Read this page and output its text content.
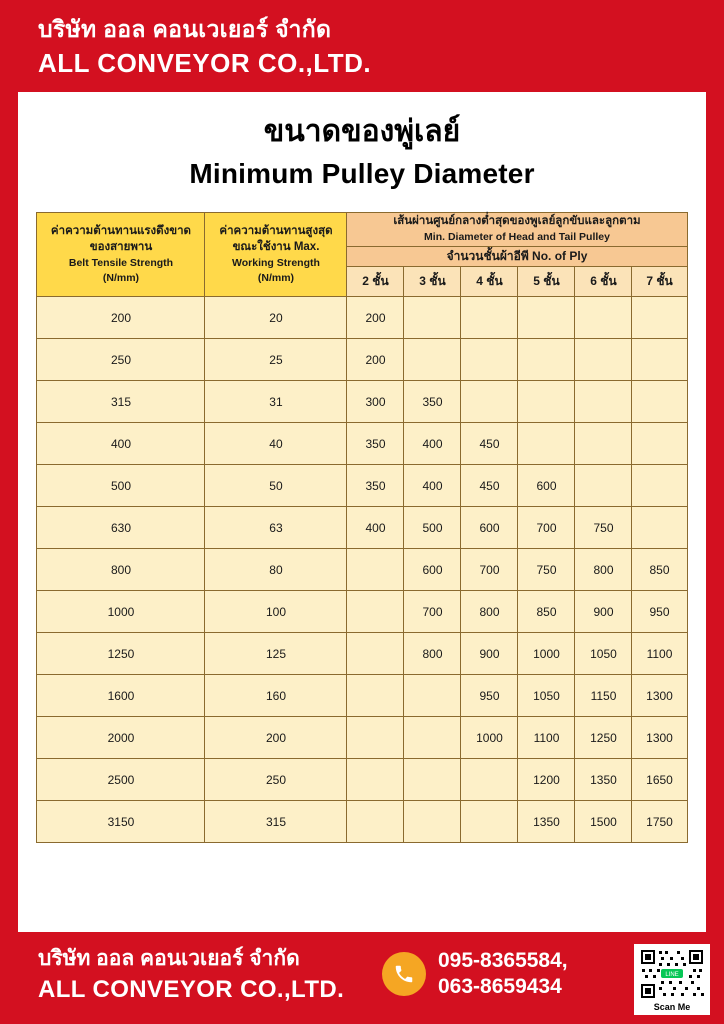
บริษัท ออล คอนเวเยอร์ จำกัด
ALL CONVEYOR CO.,LTD.
ขนาดของพู่เลย์
Minimum Pulley Diameter
ค่าความต้านทานแรงดึงขาด
ของสายพาน
Belt Tensile Strength
(N/mm)

ค่าความต้านทานสูงสุด
ขณะใช้งาน Max.
Working Strength
(N/mm)

เส้นผ่านศูนย์กลางต่ำสุดของพูเลย์ลูกขับและลูกตาม
Min. Diameter of Head and Tail Pulley

		จำนวนชั้นผ้าอีพี No. of Ply					
		2 ชั้น	3 ชั้น	4 ชั้น	5 ชั้น	6 ชั้น	7 ชั้น
200	20	200					
250	25	200					
315	31	300	350				
400	40	350	400	450			
500	50	350	400	450	600		
630	63	400	500	600	700	750	
800	80		600	700	750	800	850
1000	100		700	800	850	900	950
1250	125		800	900	1000	1050	1100
1600	160			950	1050	1150	1300
2000	200			1000	1100	1250	1300
2500	250				1200	1350	1650
3150	315				1350	1500	1750
บริษัท ออล คอนเวเยอร์ จำกัด
ALL CONVEYOR CO.,LTD.
095-8365584,
063-8659434
LINE
Scan Me
